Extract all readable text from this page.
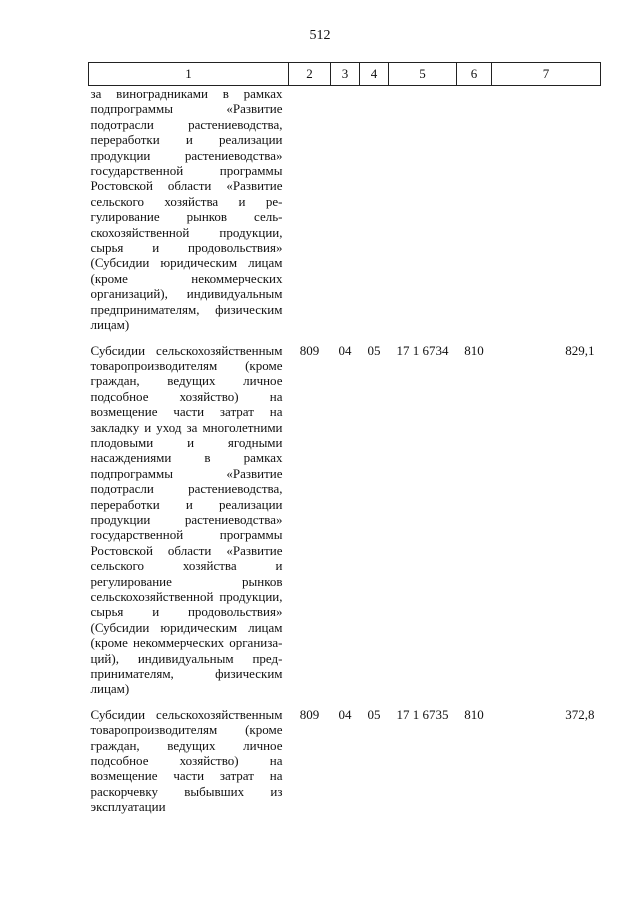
512
1	2	3	4	5	6	7
за виноградниками в рамках подпрограммы «Развитие подотрасли растениеводства, переработки и реализации продукции растениеводства» государственной программы Ростовской области «Развитие сельского хозяйства и регулирование рынков сельскохозяйственной продукции, сырья и продовольствия» (Субсидии юридическим лицам (кроме некоммерческих организаций), индивидуальным предпринимателям, физическим лицам)						
Субсидии сельскохозяйственным товаропроизводителям (кроме граждан, ведущих личное подсобное хозяйство) на возмещение части затрат на закладку и уход за многолетними плодовыми и ягодными насаждениями в рамках подпрограммы «Развитие подотрасли растениеводства, переработки и реализации продукции растениеводства» государственной программы Ростовской области «Развитие сельского хозяйства и регулирование рынков сельскохозяйственной продукции, сырья и продовольствия» (Субсидии юридическим лицам (кроме некоммерческих организаций), индивидуальным предпринимателям, физическим лицам)	809	04	05	17 1 6734	810	829,1
Субсидии сельскохозяйственным товаропроизводителям (кроме граждан, ведущих личное подсобное хозяйство) на возмещение части затрат на раскорчевку выбывших из эксплуатации	809	04	05	17 1 6735	810	372,8
